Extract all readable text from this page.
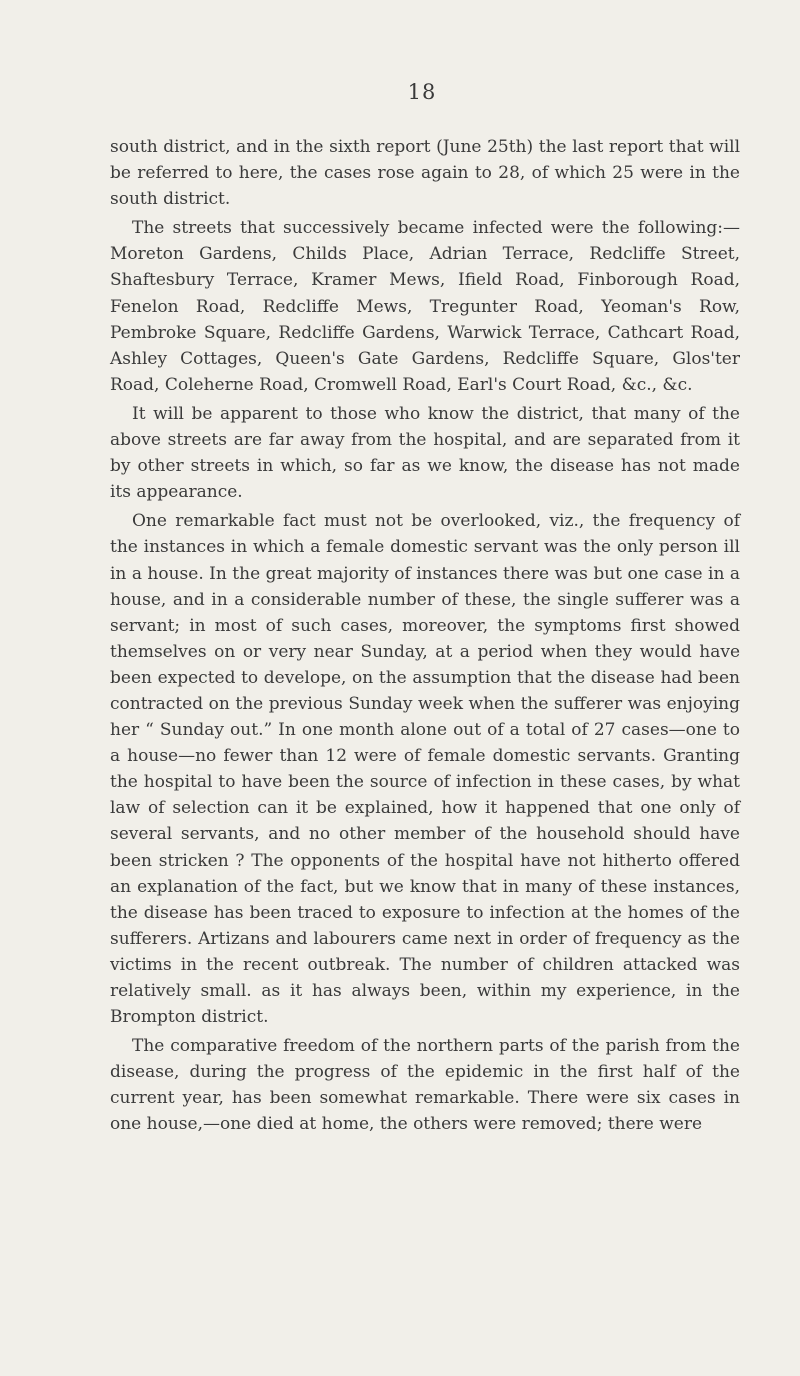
18

south district, and in the sixth report (June 25th) the last report that will be referred to here, the cases rose again to 28, of which 25 were in the south district.

The streets that successively became infected were the following:— Moreton Gardens, Childs Place, Adrian Terrace, Redcliffe Street, Shaftesbury Terrace, Kramer Mews, Ifield Road, Finborough Road, Fenelon Road, Redcliffe Mews, Tregunter Road, Yeoman's Row, Pembroke Square, Redcliffe Gardens, Warwick Terrace, Cathcart Road, Ashley Cottages, Queen's Gate Gardens, Redcliffe Square, Glos'ter Road, Coleherne Road, Cromwell Road, Earl's Court Road, &c., &c.

It will be apparent to those who know the district, that many of the above streets are far away from the hospital, and are separated from it by other streets in which, so far as we know, the disease has not made its appearance.

One remarkable fact must not be overlooked, viz., the frequency of the instances in which a female domestic servant was the only person ill in a house. In the great majority of instances there was but one case in a house, and in a considerable number of these, the single sufferer was a servant; in most of such cases, moreover, the symptoms first showed themselves on or very near Sunday, at a period when they would have been expected to develope, on the assumption that the disease had been contracted on the previous Sunday week when the sufferer was enjoying her “ Sunday out.” In one month alone out of a total of 27 cases—one to a house—no fewer than 12 were of female domestic servants. Granting the hospital to have been the source of infection in these cases, by what law of selection can it be explained, how it happened that one only of several servants, and no other member of the household should have been stricken ? The opponents of the hospital have not hitherto offered an explanation of the fact, but we know that in many of these instances, the disease has been traced to exposure to infection at the homes of the sufferers. Artizans and labourers came next in order of frequency as the victims in the recent outbreak. The number of children attacked was relatively small. as it has always been, within my experience, in the Brompton district.

The comparative freedom of the northern parts of the parish from the disease, during the progress of the epidemic in the first half of the current year, has been somewhat remarkable. There were six cases in one house,—one died at home, the others were removed; there were
